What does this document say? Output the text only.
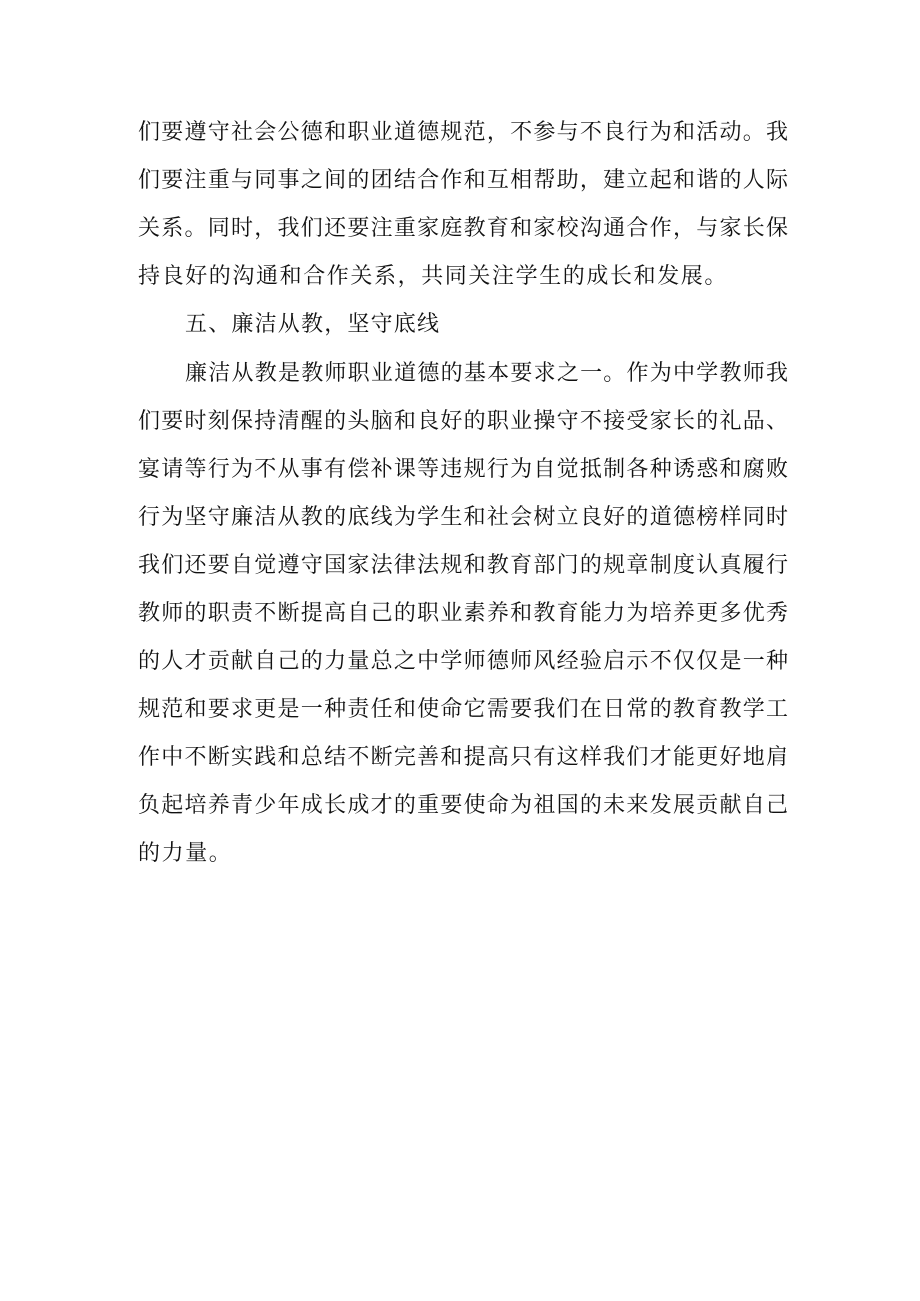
们要遵守社会公德和职业道德规范，不参与不良行为和活动。我
们要注重与同事之间的团结合作和互相帮助，建立起和谐的人际
关系。同时，我们还要注重家庭教育和家校沟通合作，与家长保
持良好的沟通和合作关系，共同关注学生的成长和发展。
五、廉洁从教，坚守底线
廉洁从教是教师职业道德的基本要求之一。作为中学教师我
们要时刻保持清醒的头脑和良好的职业操守不接受家长的礼品、
宴请等行为不从事有偿补课等违规行为自觉抵制各种诱惑和腐败
行为坚守廉洁从教的底线为学生和社会树立良好的道德榜样同时
我们还要自觉遵守国家法律法规和教育部门的规章制度认真履行
教师的职责不断提高自己的职业素养和教育能力为培养更多优秀
的人才贡献自己的力量总之中学师德师风经验启示不仅仅是一种
规范和要求更是一种责任和使命它需要我们在日常的教育教学工
作中不断实践和总结不断完善和提高只有这样我们才能更好地肩
负起培养青少年成长成才的重要使命为祖国的未来发展贡献自己
的力量。
